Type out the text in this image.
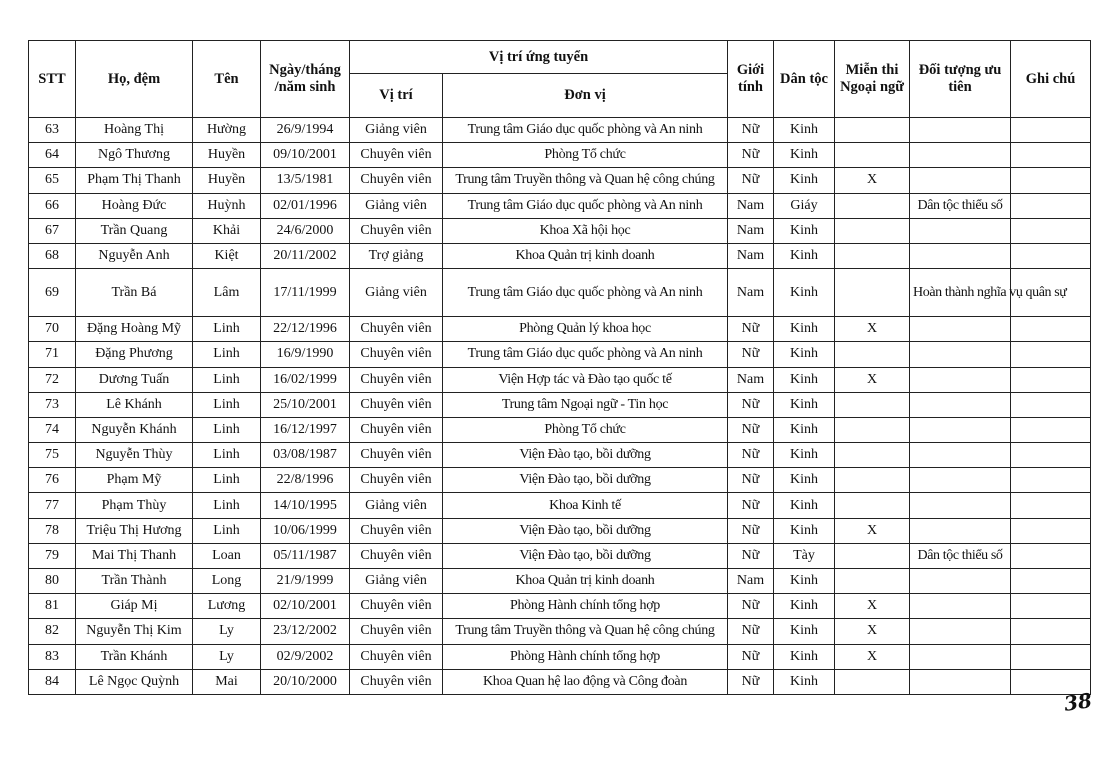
STT	Họ, đệm	Tên	Ngày/tháng /năm sinh	Vị trí ứng tuyển		Giới tính	Dân tộc	Miễn thi Ngoại ngữ	Đối tượng ưu tiên	Ghi chú
				Vị trí	Đơn vị					
63	Hoàng Thị	Hường	26/9/1994	Giảng viên	Trung tâm Giáo dục quốc phòng và An ninh	Nữ	Kinh			
64	Ngô Thương	Huyền	09/10/2001	Chuyên viên	Phòng Tổ chức	Nữ	Kinh			
65	Phạm Thị Thanh	Huyền	13/5/1981	Chuyên viên	Trung tâm Truyền thông và Quan hệ công chúng	Nữ	Kinh	X		
66	Hoàng Đức	Huỳnh	02/01/1996	Giảng viên	Trung tâm Giáo dục quốc phòng và An ninh	Nam	Giáy		Dân tộc thiểu số	
67	Trần Quang	Khải	24/6/2000	Chuyên viên	Khoa Xã hội học	Nam	Kinh			
68	Nguyễn Anh	Kiệt	20/11/2002	Trợ giảng	Khoa Quản trị kinh doanh	Nam	Kinh			
69	Trần Bá	Lâm	17/11/1999	Giảng viên	Trung tâm Giáo dục quốc phòng và An ninh	Nam	Kinh		Hoàn thành nghĩa vụ quân sự	
70	Đặng Hoàng Mỹ	Linh	22/12/1996	Chuyên viên	Phòng Quản lý khoa học	Nữ	Kinh	X		
71	Đặng Phương	Linh	16/9/1990	Chuyên viên	Trung tâm Giáo dục quốc phòng và An ninh	Nữ	Kinh			
72	Dương Tuấn	Linh	16/02/1999	Chuyên viên	Viện Hợp tác và Đào tạo quốc tế	Nam	Kinh	X		
73	Lê Khánh	Linh	25/10/2001	Chuyên viên	Trung tâm Ngoại ngữ - Tin học	Nữ	Kinh			
74	Nguyễn Khánh	Linh	16/12/1997	Chuyên viên	Phòng Tổ chức	Nữ	Kinh			
75	Nguyễn Thùy	Linh	03/08/1987	Chuyên viên	Viện Đào tạo, bồi dưỡng	Nữ	Kinh			
76	Phạm Mỹ	Linh	22/8/1996	Chuyên viên	Viện Đào tạo, bồi dưỡng	Nữ	Kinh			
77	Phạm Thùy	Linh	14/10/1995	Giảng viên	Khoa Kinh tế	Nữ	Kinh			
78	Triệu Thị Hương	Linh	10/06/1999	Chuyên viên	Viện Đào tạo, bồi dưỡng	Nữ	Kinh	X		
79	Mai Thị Thanh	Loan	05/11/1987	Chuyên viên	Viện Đào tạo, bồi dưỡng	Nữ	Tày		Dân tộc thiểu số	
80	Trần Thành	Long	21/9/1999	Giảng viên	Khoa Quản trị kinh doanh	Nam	Kinh			
81	Giáp Mị	Lương	02/10/2001	Chuyên viên	Phòng Hành chính tổng hợp	Nữ	Kinh	X		
82	Nguyễn Thị Kim	Ly	23/12/2002	Chuyên viên	Trung tâm Truyền thông và Quan hệ công chúng	Nữ	Kinh	X		
83	Trần Khánh	Ly	02/9/2002	Chuyên viên	Phòng Hành chính tổng hợp	Nữ	Kinh	X		
84	Lê Ngọc Quỳnh	Mai	20/10/2000	Chuyên viên	Khoa Quan hệ lao động và Công đoàn	Nữ	Kinh			
38
